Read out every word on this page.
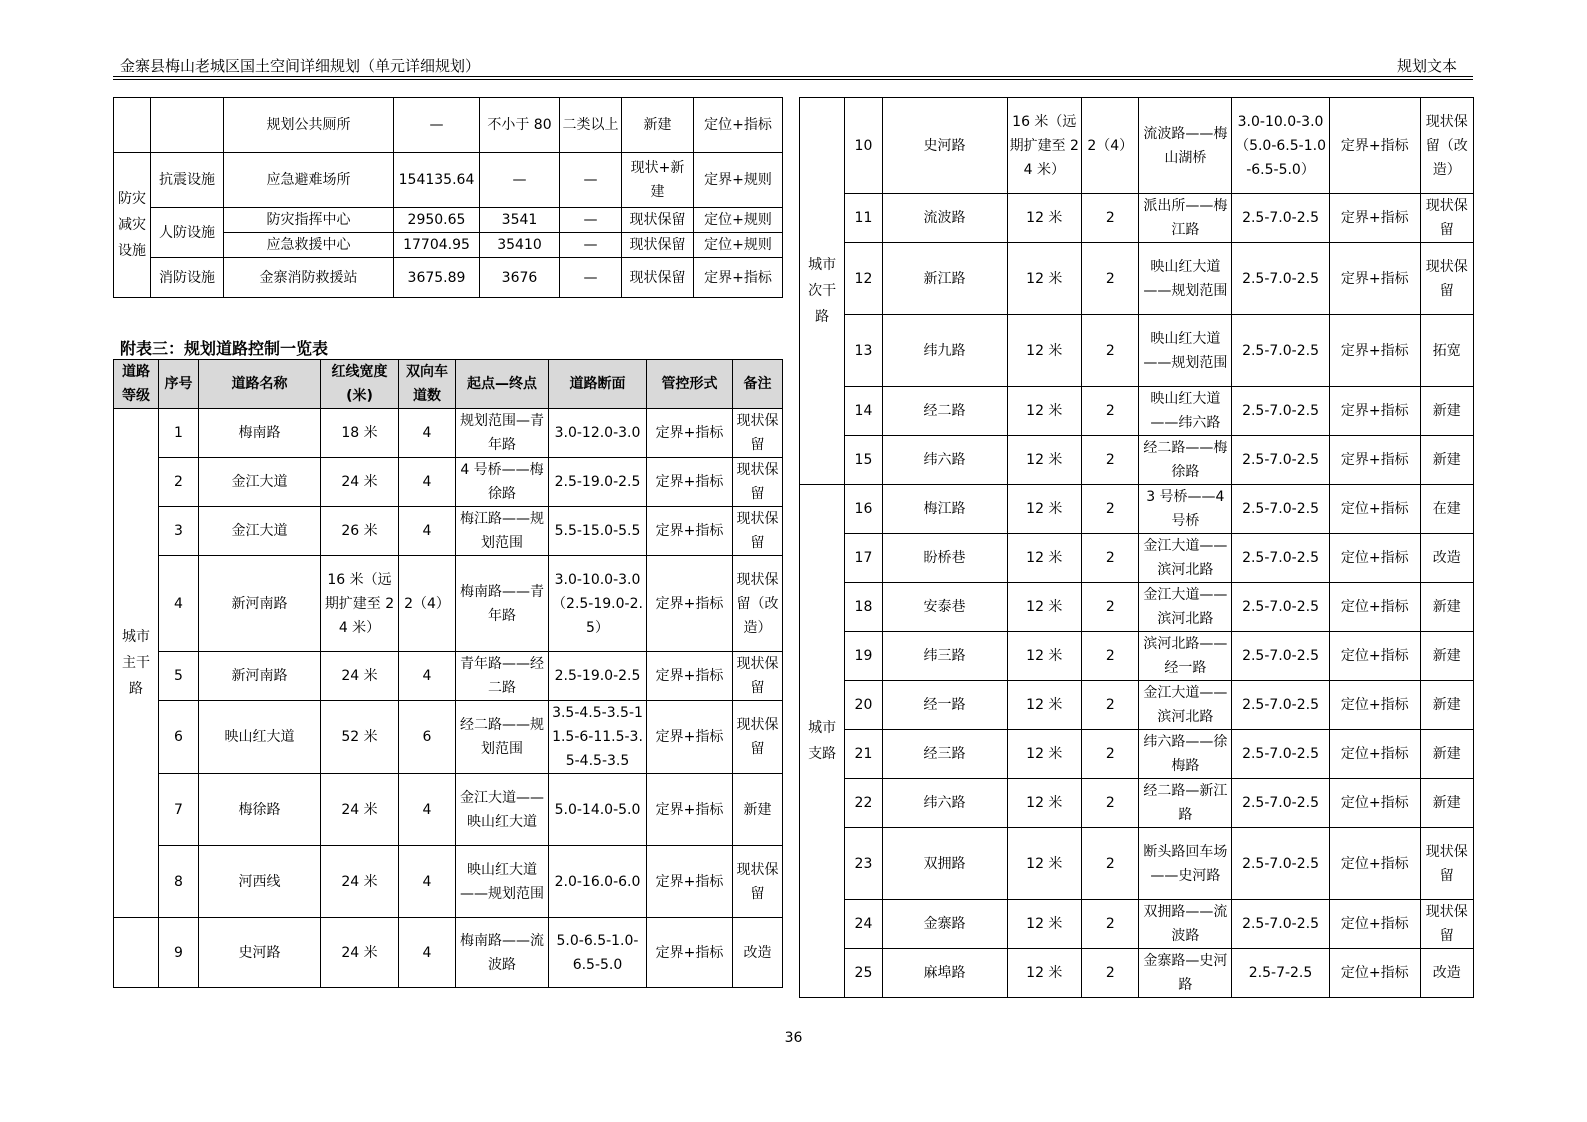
金寨县梅山老城区国土空间详细规划（单元详细规划）	规划文本
		规划公共厕所	—	不小于 80	二类以上	新建	定位+指标
防灾减灾设施	抗震设施	应急避难场所	154135.64	—	—	现状+新建	定界+规则
	人防设施	防灾指挥中心	2950.65	3541	—	现状保留	定位+规则
		应急救援中心	17704.95	35410	—	现状保留	定位+规则
	消防设施	金寨消防救援站	3675.89	3676	—	现状保留	定界+指标
附表三：规划道路控制一览表
道路等级	序号	道路名称	红线宽度(米)	双向车道数	起点—终点	道路断面	管控形式	备注
城市主干路	1	梅南路	18 米	4	规划范围—青年路	3.0-12.0-3.0	定界+指标	现状保留
	2	金江大道	24 米	4	4 号桥——梅徐路	2.5-19.0-2.5	定界+指标	现状保留
	3	金江大道	26 米	4	梅江路——规划范围	5.5-15.0-5.5	定界+指标	现状保留
	4	新河南路	16 米（远期扩建至 24 米）	2（4）	梅南路——青年路	3.0-10.0-3.0（2.5-19.0-2.5）	定界+指标	现状保留（改造）
	5	新河南路	24 米	4	青年路——经二路	2.5-19.0-2.5	定界+指标	现状保留
	6	映山红大道	52 米	6	经二路——规划范围	3.5-4.5-3.5-11.5-6-11.5-3.5-4.5-3.5	定界+指标	现状保留
	7	梅徐路	24 米	4	金江大道——映山红大道	5.0-14.0-5.0	定界+指标	新建
	8	河西线	24 米	4	映山红大道——规划范围	2.0-16.0-6.0	定界+指标	现状保留
	9	史河路	24 米	4	梅南路——流波路	5.0-6.5-1.0-6.5-5.0	定界+指标	改造
城市次干路	10	史河路	16 米（远期扩建至 24 米）	2（4）	流波路——梅山湖桥	3.0-10.0-3.0（5.0-6.5-1.0-6.5-5.0）	定界+指标	现状保留（改造）
	11	流波路	12 米	2	派出所——梅江路	2.5-7.0-2.5	定界+指标	现状保留
	12	新江路	12 米	2	映山红大道——规划范围	2.5-7.0-2.5	定界+指标	现状保留
	13	纬九路	12 米	2	映山红大道——规划范围	2.5-7.0-2.5	定界+指标	拓宽
	14	经二路	12 米	2	映山红大道——纬六路	2.5-7.0-2.5	定界+指标	新建
	15	纬六路	12 米	2	经二路——梅徐路	2.5-7.0-2.5	定界+指标	新建
城市支路	16	梅江路	12 米	2	3 号桥——4 号桥	2.5-7.0-2.5	定位+指标	在建
	17	盼桥巷	12 米	2	金江大道——滨河北路	2.5-7.0-2.5	定位+指标	改造
	18	安泰巷	12 米	2	金江大道——滨河北路	2.5-7.0-2.5	定位+指标	新建
	19	纬三路	12 米	2	滨河北路——经一路	2.5-7.0-2.5	定位+指标	新建
	20	经一路	12 米	2	金江大道——滨河北路	2.5-7.0-2.5	定位+指标	新建
	21	经三路	12 米	2	纬六路——徐梅路	2.5-7.0-2.5	定位+指标	新建
	22	纬六路	12 米	2	经二路—新江路	2.5-7.0-2.5	定位+指标	新建
	23	双拥路	12 米	2	断头路回车场——史河路	2.5-7.0-2.5	定位+指标	现状保留
	24	金寨路	12 米	2	双拥路——流波路	2.5-7.0-2.5	定位+指标	现状保留
	25	麻埠路	12 米	2	金寨路—史河路	2.5-7-2.5	定位+指标	改造
36
